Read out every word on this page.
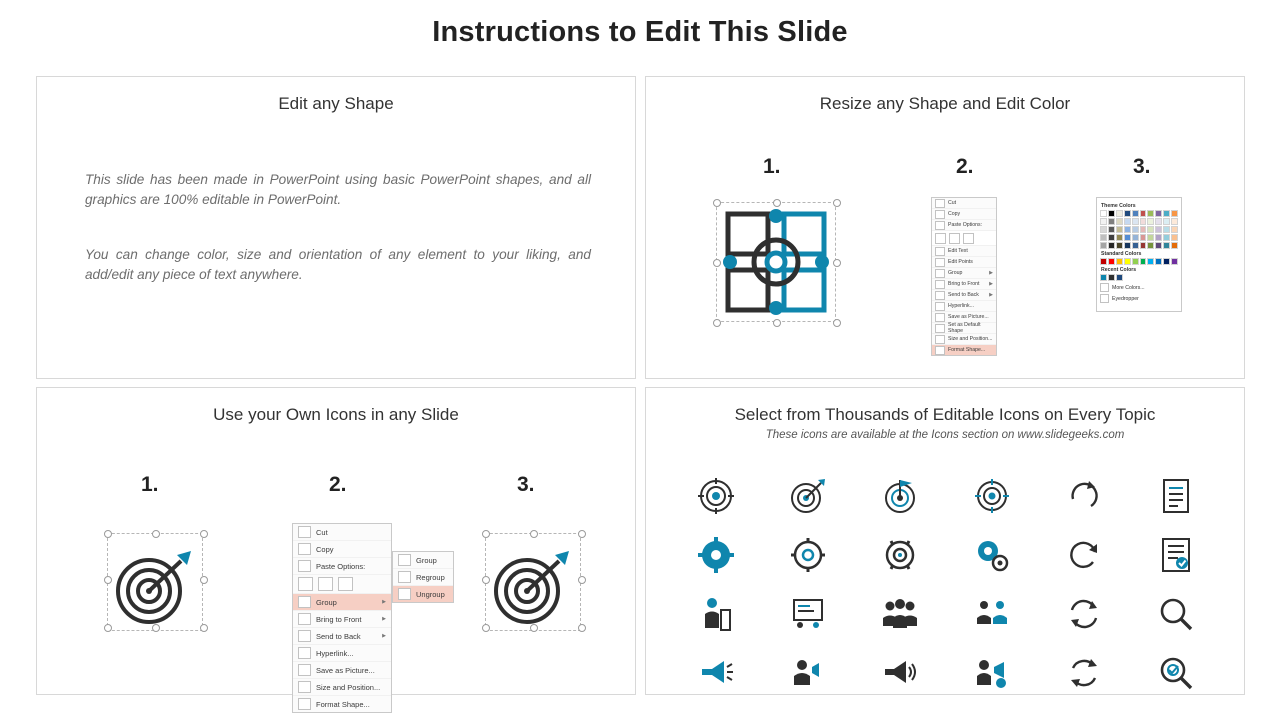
Instructions to Edit This Slide
Edit any Shape
This slide has been made in PowerPoint using basic PowerPoint shapes, and all graphics are 100% editable in PowerPoint.
You can change color, size and orientation of any element to your liking, and add/edit any piece of text anywhere.
Resize any Shape and Edit Color
1.	2.	3.
Cut
Copy
Paste Options:
Edit Text
Edit Points
Group	▶
Bring to Front ▶
Send to Back ▶
Hyperlink...
Save as Picture...
Set as Default Shape
Size and Position...
Format Shape...
Theme Colors
Standard Colors
Recent Colors
More Colors...
Eyedropper
Use your Own Icons in any Slide
1.	2.	3.
Cut
Copy
Paste Options:
Group	▶
Bring to Front	▶
Send to Back	▶
Hyperlink...
Save as Picture...
Size and Position...
Format Shape...
Group
Regroup
Ungroup
Select from Thousands of Editable Icons on Every Topic
These icons are available at the Icons section on www.slidegeeks.com
